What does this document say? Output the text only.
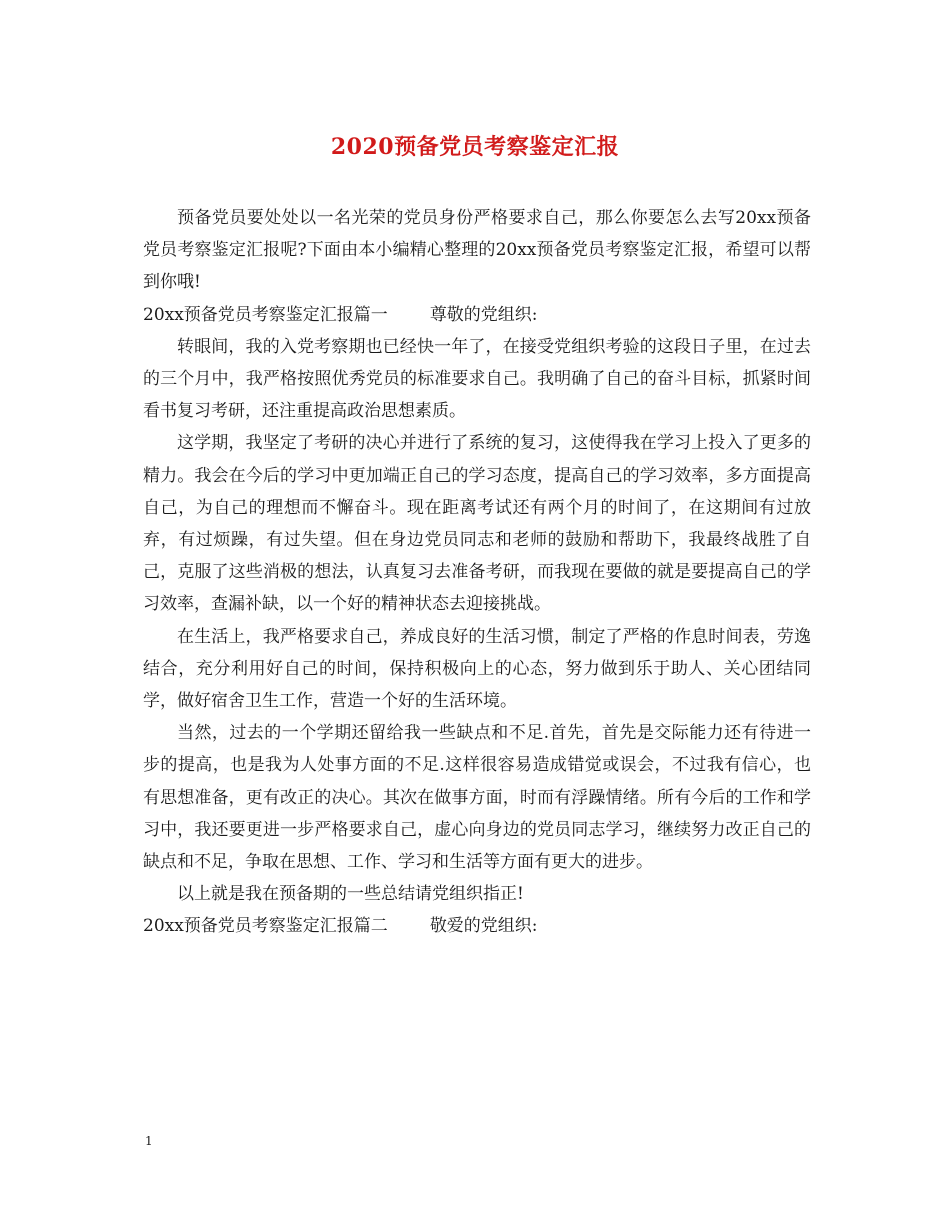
2020预备党员考察鉴定汇报

预备党员要处处以一名光荣的党员身份严格要求自己，那么你要怎么去写20xx预备党员考察鉴定汇报呢?下面由本小编精心整理的20xx预备党员考察鉴定汇报，希望可以帮到你哦!

20xx预备党员考察鉴定汇报篇一 尊敬的党组织:

转眼间，我的入党考察期也已经快一年了，在接受党组织考验的这段日子里，在过去的三个月中，我严格按照优秀党员的标准要求自己。我明确了自己的奋斗目标，抓紧时间看书复习考研，还注重提高政治思想素质。

这学期，我坚定了考研的决心并进行了系统的复习，这使得我在学习上投入了更多的精力。我会在今后的学习中更加端正自己的学习态度，提高自己的学习效率，多方面提高自己，为自己的理想而不懈奋斗。现在距离考试还有两个月的时间了，在这期间有过放弃，有过烦躁，有过失望。但在身边党员同志和老师的鼓励和帮助下，我最终战胜了自己，克服了这些消极的想法，认真复习去准备考研，而我现在要做的就是要提高自己的学习效率，查漏补缺，以一个好的精神状态去迎接挑战。

在生活上，我严格要求自己，养成良好的生活习惯，制定了严格的作息时间表，劳逸结合，充分利用好自己的时间，保持积极向上的心态，努力做到乐于助人、关心团结同学，做好宿舍卫生工作，营造一个好的生活环境。

当然，过去的一个学期还留给我一些缺点和不足.首先，首先是交际能力还有待进一步的提高，也是我为人处事方面的不足.这样很容易造成错觉或误会，不过我有信心，也有思想准备，更有改正的决心。其次在做事方面，时而有浮躁情绪。所有今后的工作和学习中，我还要更进一步严格要求自己，虚心向身边的党员同志学习，继续努力改正自己的缺点和不足，争取在思想、工作、学习和生活等方面有更大的进步。

以上就是我在预备期的一些总结请党组织指正!

20xx预备党员考察鉴定汇报篇二 敬爱的党组织:

1
